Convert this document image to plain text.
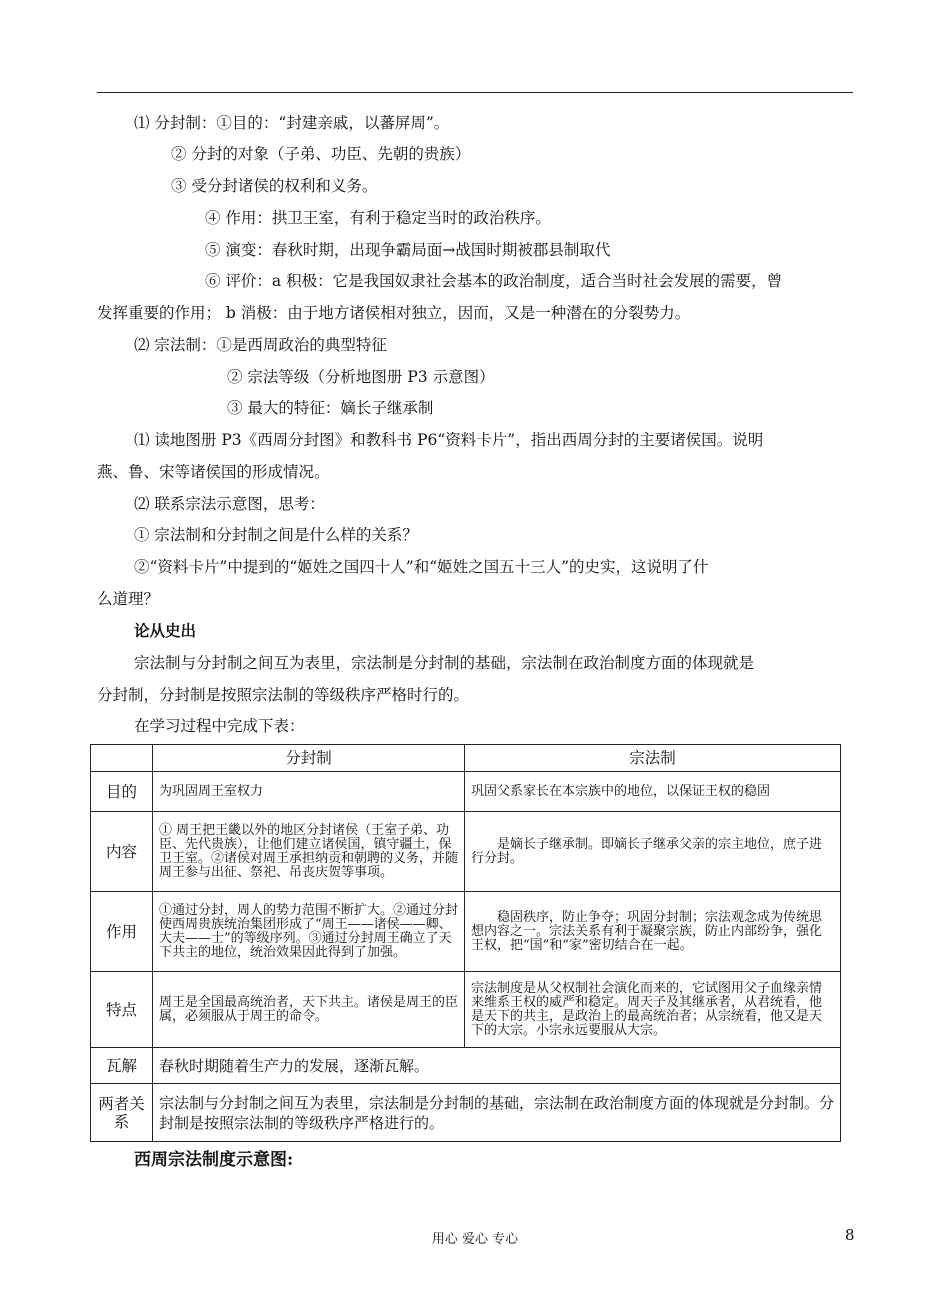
⑴ 分封制：①目的：“封建亲戚，以蕃屏周”。
② 分封的对象（子弟、功臣、先朝的贵族）
③ 受分封诸侯的权利和义务。
④ 作用：拱卫王室，有利于稳定当时的政治秩序。
⑤ 演变：春秋时期，出现争霸局面→战国时期被郡县制取代
⑥ 评价：a 积极：它是我国奴隶社会基本的政治制度，适合当时社会发展的需要，曾
发挥重要的作用； b 消极：由于地方诸侯相对独立，因而，又是一种潜在的分裂势力。
⑵ 宗法制：①是西周政治的典型特征
② 宗法等级（分析地图册 P3 示意图）
③ 最大的特征：嫡长子继承制
⑴ 读地图册 P3《西周分封图》和教科书 P6“资料卡片”，指出西周分封的主要诸侯国。说明
燕、鲁、宋等诸侯国的形成情况。
⑵ 联系宗法示意图，思考：
① 宗法制和分封制之间是什么样的关系？
②“资料卡片”中提到的“姬姓之国四十人”和“姬姓之国五十三人”的史实，这说明了什
么道理？
论从史出
宗法制与分封制之间互为表里，宗法制是分封制的基础，宗法制在政治制度方面的体现就是
分封制，分封制是按照宗法制的等级秩序严格时行的。
在学习过程中完成下表：
	分封制	宗法制
目的	为巩固周王室权力	巩固父系家长在本宗族中的地位，以保证王权的稳固
内容	① 周王把王畿以外的地区分封诸侯（王室子弟、功臣、先代贵族），让他们建立诸侯国，镇守疆土，保卫王室。②诸侯对周王承担纳贡和朝聘的义务，并随周王参与出征、祭祀、吊丧庆贺等事项。	是嫡长子继承制。即嫡长子继承父亲的宗主地位，庶子进行分封。
作用	①通过分封，周人的势力范围不断扩大。②通过分封使西周贵族统治集团形成了“周王——诸侯——卿、大夫——士”的等级序列。③通过分封周王确立了天下共主的地位，统治效果因此得到了加强。	稳固秩序，防止争夺；巩固分封制；宗法观念成为传统思想内容之一。宗法关系有利于凝聚宗族，防止内部纷争，强化王权，把“国”和“家”密切结合在一起。
特点	周王是全国最高统治者，天下共主。诸侯是周王的臣属，必须服从于周王的命令。	宗法制度是从父权制社会演化而来的，它试图用父子血缘亲情来维系王权的威严和稳定。周天子及其继承者，从君统看，他是天下的共主，是政治上的最高统治者；从宗统看，他又是天下的大宗。小宗永远要服从大宗。
瓦解	春秋时期随着生产力的发展，逐渐瓦解。	
两者关系	宗法制与分封制之间互为表里，宗法制是分封制的基础，宗法制在政治制度方面的体现就是分封制。分封制是按照宗法制的等级秩序严格进行的。	
西周宗法制度示意图:
用心 爱心 专心	8
